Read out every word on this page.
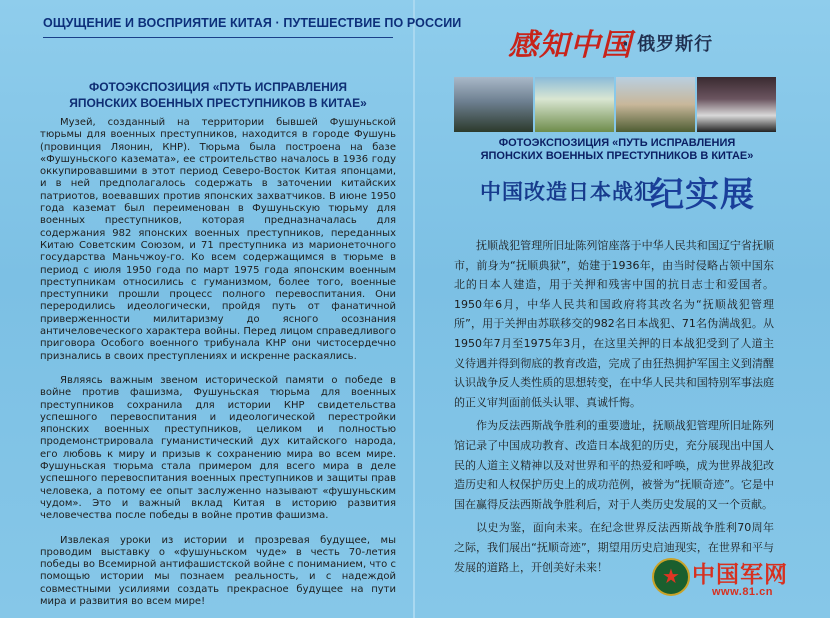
ОЩУЩЕНИЕ И ВОСПРИЯТИЕ КИТАЯ · ПУТЕШЕСТВИЕ ПО РОССИИ
ФОТОЭКСПОЗИЦИЯ «ПУТЬ ИСПРАВЛЕНИЯ
ЯПОНСКИХ ВОЕННЫХ ПРЕСТУПНИКОВ В КИТАЕ»

Музей, созданный на территории бывшей Фушуньской тюрьмы для военных преступников, находится в городе Фушунь (провинция Ляонин, КНР). Тюрьма была построена на базе «Фушуньского каземата», ее строительство началось в 1936 году оккупировавшими в этот период Северо-Восток Китая японцами, и в ней предполагалось содержать в заточении китайских патриотов, воевавших против японских захватчиков. В июне 1950 года каземат был переименован в Фушуньскую тюрьму для военных преступников, которая предназначалась для содержания 982 японских военных преступников, переданных Китаю Советским Союзом, и 71 преступника из марионеточного государства Маньчжоу-го. Ко всем содержащимся в тюрьме в период с июля 1950 года по март 1975 года японским военным преступникам относились с гуманизмом, более того, военные преступники прошли процесс полного перевоспитания. Они переродились идеологически, пройдя путь от фанатичной приверженности милитаризму до ясного осознания античеловеческого характера войны. Перед лицом справедливого приговора Особого военного трибунала КНР они чистосердечно признались в своих преступлениях и искренне раскаялись.

Являясь важным звеном исторической памяти о победе в войне против фашизма, Фушуньская тюрьма для военных преступников сохранила для истории КНР свидетельства успешного перевоспитания и идеологической перестройки японских военных преступников, целиком и полностью продемонстрировала гуманистический дух китайского народа, его любовь к миру и призыв к сохранению мира во всем мире. Фушуньская тюрьма стала примером для всего мира в деле успешного перевоспитания военных преступников и защиты прав человека, а потому ее опыт заслуженно называют «фушуньским чудом». Это и важный вклад Китая в историю развития человечества после победы в войне против фашизма.

Извлекая уроки из истории и прозревая будущее, мы проводим выставку о «фушуньском чуде» в честь 70-летия победы во Всемирной антифашистской войне с пониманием, что с помощью истории мы познаем реальность, и с надеждой совместными усилиями создать прекрасное будущее на пути мира и развития во всем мире!

感知中国
· 俄罗斯行
ФОТОЭКСПОЗИЦИЯ «ПУТЬ ИСПРАВЛЕНИЯ
ЯПОНСКИХ ВОЕННЫХ ПРЕСТУПНИКОВ В КИТАЕ»
中国改造日本战犯
纪实展

抚顺战犯管理所旧址陈列馆座落于中华人民共和国辽宁省抚顺市，前身为“抚顺典狱”，始建于1936年，由当时侵略占领中国东北的日本人建造，用于关押和残害中国的抗日志士和爱国者。1950年6月，中华人民共和国政府将其改名为“抚顺战犯管理所”，用于关押由苏联移交的982名日本战犯、71名伪满战犯。从1950年7月至1975年3月，在这里关押的日本战犯受到了人道主义待遇并得到彻底的教育改造，完成了由狂热拥护军国主义到清醒认识战争反人类性质的思想转变，在中华人民共和国特别军事法庭的正义审判面前低头认罪、真诚忏悔。

作为反法西斯战争胜利的重要遗址，抚顺战犯管理所旧址陈列馆记录了中国成功教育、改造日本战犯的历史，充分展现出中国人民的人道主义精神以及对世界和平的热爱和呼唤，成为世界战犯改造历史和人权保护历史上的成功范例，被誉为“抚顺奇迹”。它是中国在赢得反法西斯战争胜利后，对于人类历史发展的又一个贡献。

以史为鉴，面向未来。在纪念世界反法西斯战争胜利70周年之际，我们展出“抚顺奇迹”，期望用历史启迪现实，在世界和平与发展的道路上，开创美好未来！

★	中国军网
www.81.cn
